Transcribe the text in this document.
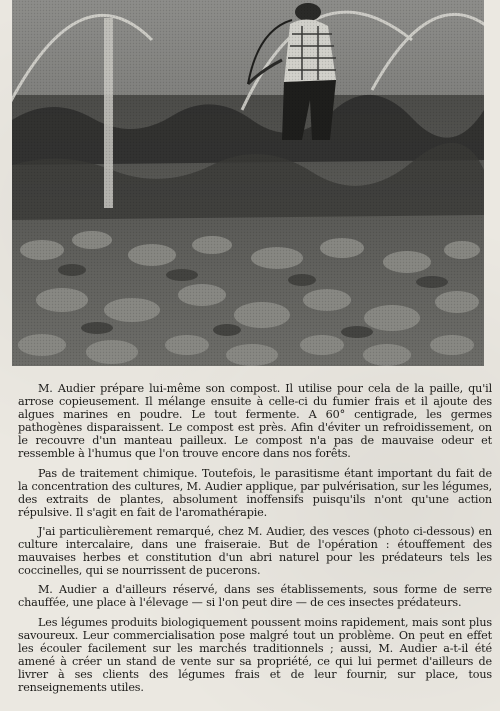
M. Audier prépare lui-même son compost. Il utilise pour cela de la paille, qu'il arrose copieusement. Il mélange ensuite à celle-ci du fumier frais et il ajoute des algues marines en poudre. Le tout fermente. A 60° centigrade, les germes pathogènes disparaissent. Le compost est près. Afin d'éviter un refroidissement, on le recouvre d'un manteau pailleux. Le compost n'a pas de mauvaise odeur et ressemble à l'humus que l'on trouve encore dans nos forêts.

Pas de traitement chimique. Toutefois, le parasitisme étant important du fait de la concentration des cultures, M. Audier applique, par pulvérisation, sur les légumes, des extraits de plantes, absolument inoffensifs puisqu'ils n'ont qu'une action répulsive. Il s'agit en fait de l'aromathérapie.

J'ai particulièrement remarqué, chez M. Audier, des vesces (photo ci-dessous) en culture intercalaire, dans une fraiseraie. But de l'opération : étouffement des mauvaises herbes et constitution d'un abri naturel pour les prédateurs tels les coccinelles, qui se nourrissent de pucerons.

M. Audier a d'ailleurs réservé, dans ses établissements, sous forme de serre chauffée, une place à l'élevage — si l'on peut dire — de ces insectes prédateurs.

Les légumes produits biologiquement poussent moins rapidement, mais sont plus savoureux. Leur commercialisation pose malgré tout un problème. On peut en effet les écouler facilement sur les marchés traditionnels ; aussi, M. Audier a-t-il été amené à créer un stand de vente sur sa propriété, ce qui lui permet d'ailleurs de livrer à ses clients des légumes frais et de leur fournir, sur place, tous renseignements utiles.
